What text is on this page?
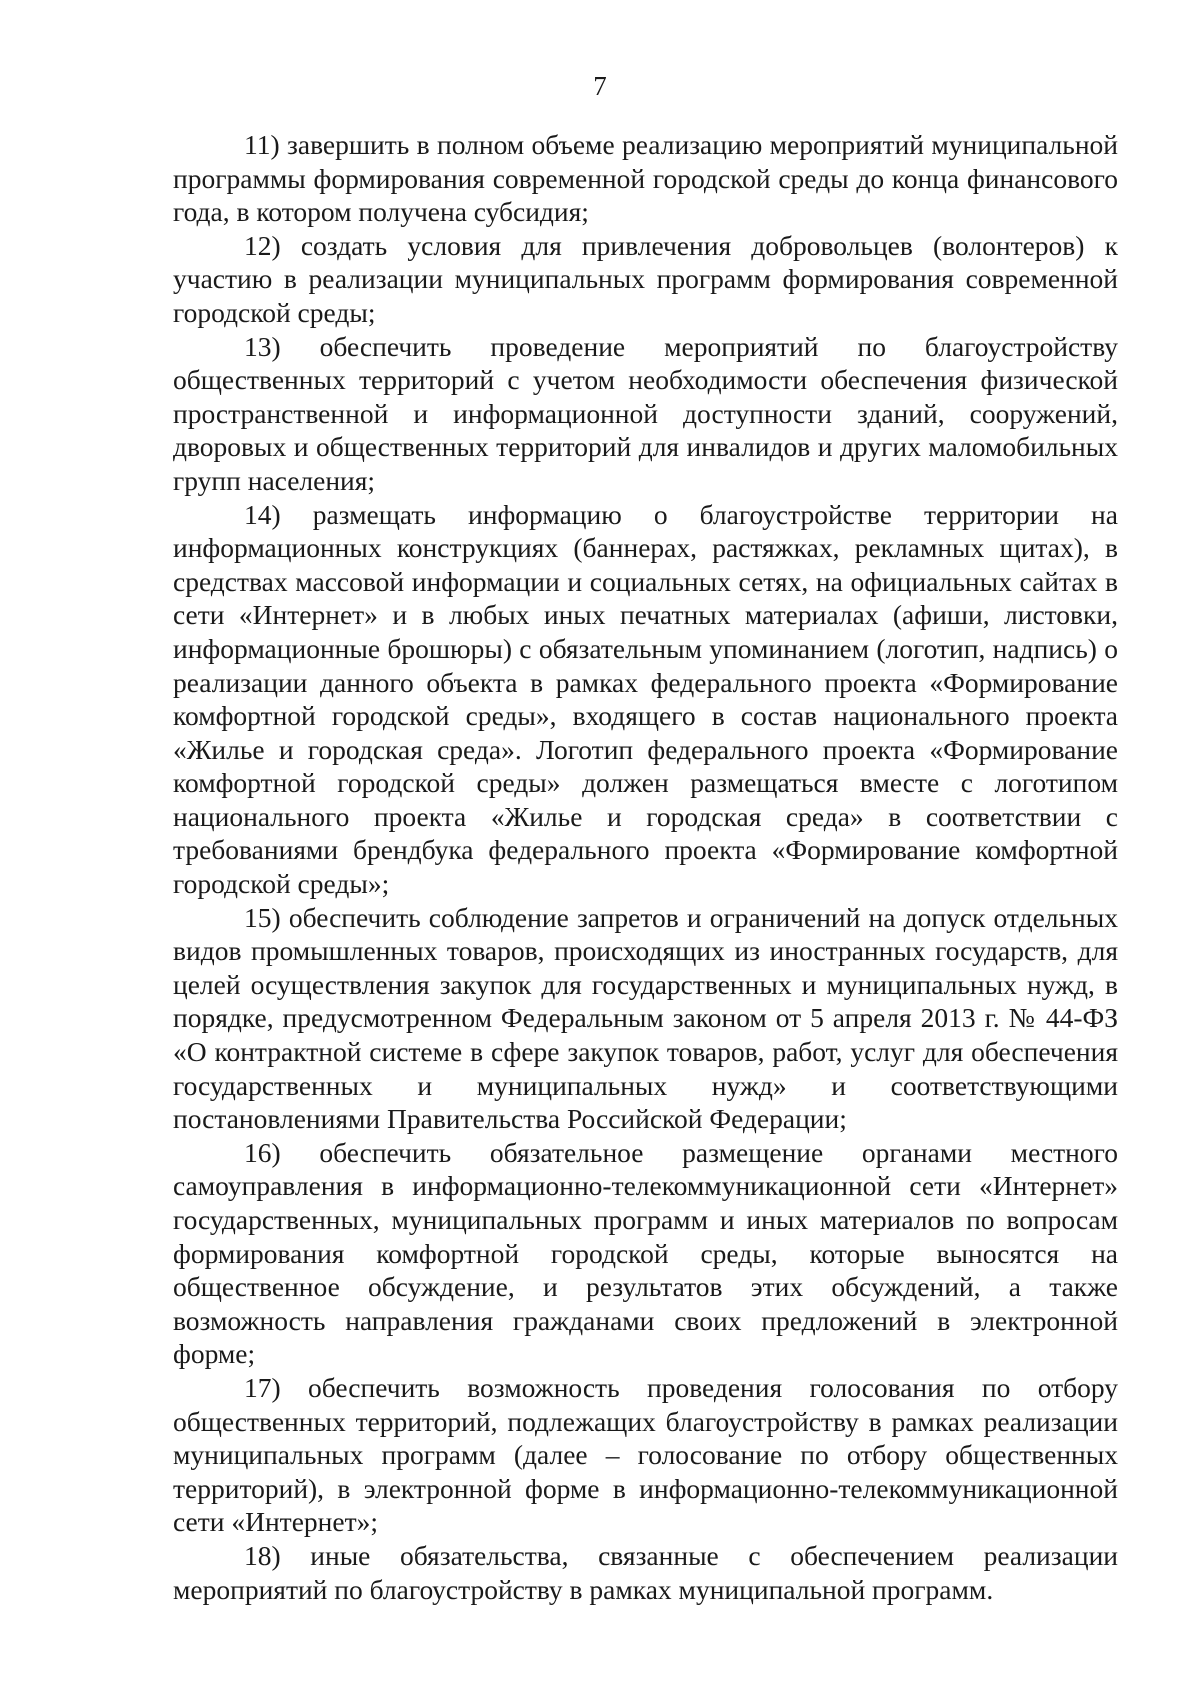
7

11) завершить в полном объеме реализацию мероприятий муниципальной программы формирования современной городской среды до конца финансового года, в котором получена субсидия;

12) создать условия для привлечения добровольцев (волонтеров) к участию в реализации муниципальных программ формирования современной городской среды;

13) обеспечить проведение мероприятий по благоустройству общественных территорий с учетом необходимости обеспечения физической пространственной и информационной доступности зданий, сооружений, дворовых и общественных территорий для инвалидов и других маломобильных групп населения;

14) размещать информацию о благоустройстве территории на информационных конструкциях (баннерах, растяжках, рекламных щитах), в средствах массовой информации и социальных сетях, на официальных сайтах в сети «Интернет» и в любых иных печатных материалах (афиши, листовки, информационные брошюры) с обязательным упоминанием (логотип, надпись) о реализации данного объекта в рамках федерального проекта «Формирование комфортной городской среды», входящего в состав национального проекта «Жилье и городская среда». Логотип федерального проекта «Формирование комфортной городской среды» должен размещаться вместе с логотипом национального проекта «Жилье и городская среда» в соответствии с требованиями брендбука федерального проекта «Формирование комфортной городской среды»;

15) обеспечить соблюдение запретов и ограничений на допуск отдельных видов промышленных товаров, происходящих из иностранных государств, для целей осуществления закупок для государственных и муниципальных нужд, в порядке, предусмотренном Федеральным законом от 5 апреля 2013 г. № 44-ФЗ «О контрактной системе в сфере закупок товаров, работ, услуг для обеспечения государственных и муниципальных нужд» и соответствующими постановлениями Правительства Российской Федерации;

16) обеспечить обязательное размещение органами местного самоуправления в информационно-телекоммуникационной сети «Интернет» государственных, муниципальных программ и иных материалов по вопросам формирования комфортной городской среды, которые выносятся на общественное обсуждение, и результатов этих обсуждений, а также возможность направления гражданами своих предложений в электронной форме;

17) обеспечить возможность проведения голосования по отбору общественных территорий, подлежащих благоустройству в рамках реализации муниципальных программ (далее – голосование по отбору общественных территорий), в электронной форме в информационно-телекоммуникационной сети «Интернет»;

18) иные обязательства, связанные с обеспечением реализации мероприятий по благоустройству в рамках муниципальной программ.
